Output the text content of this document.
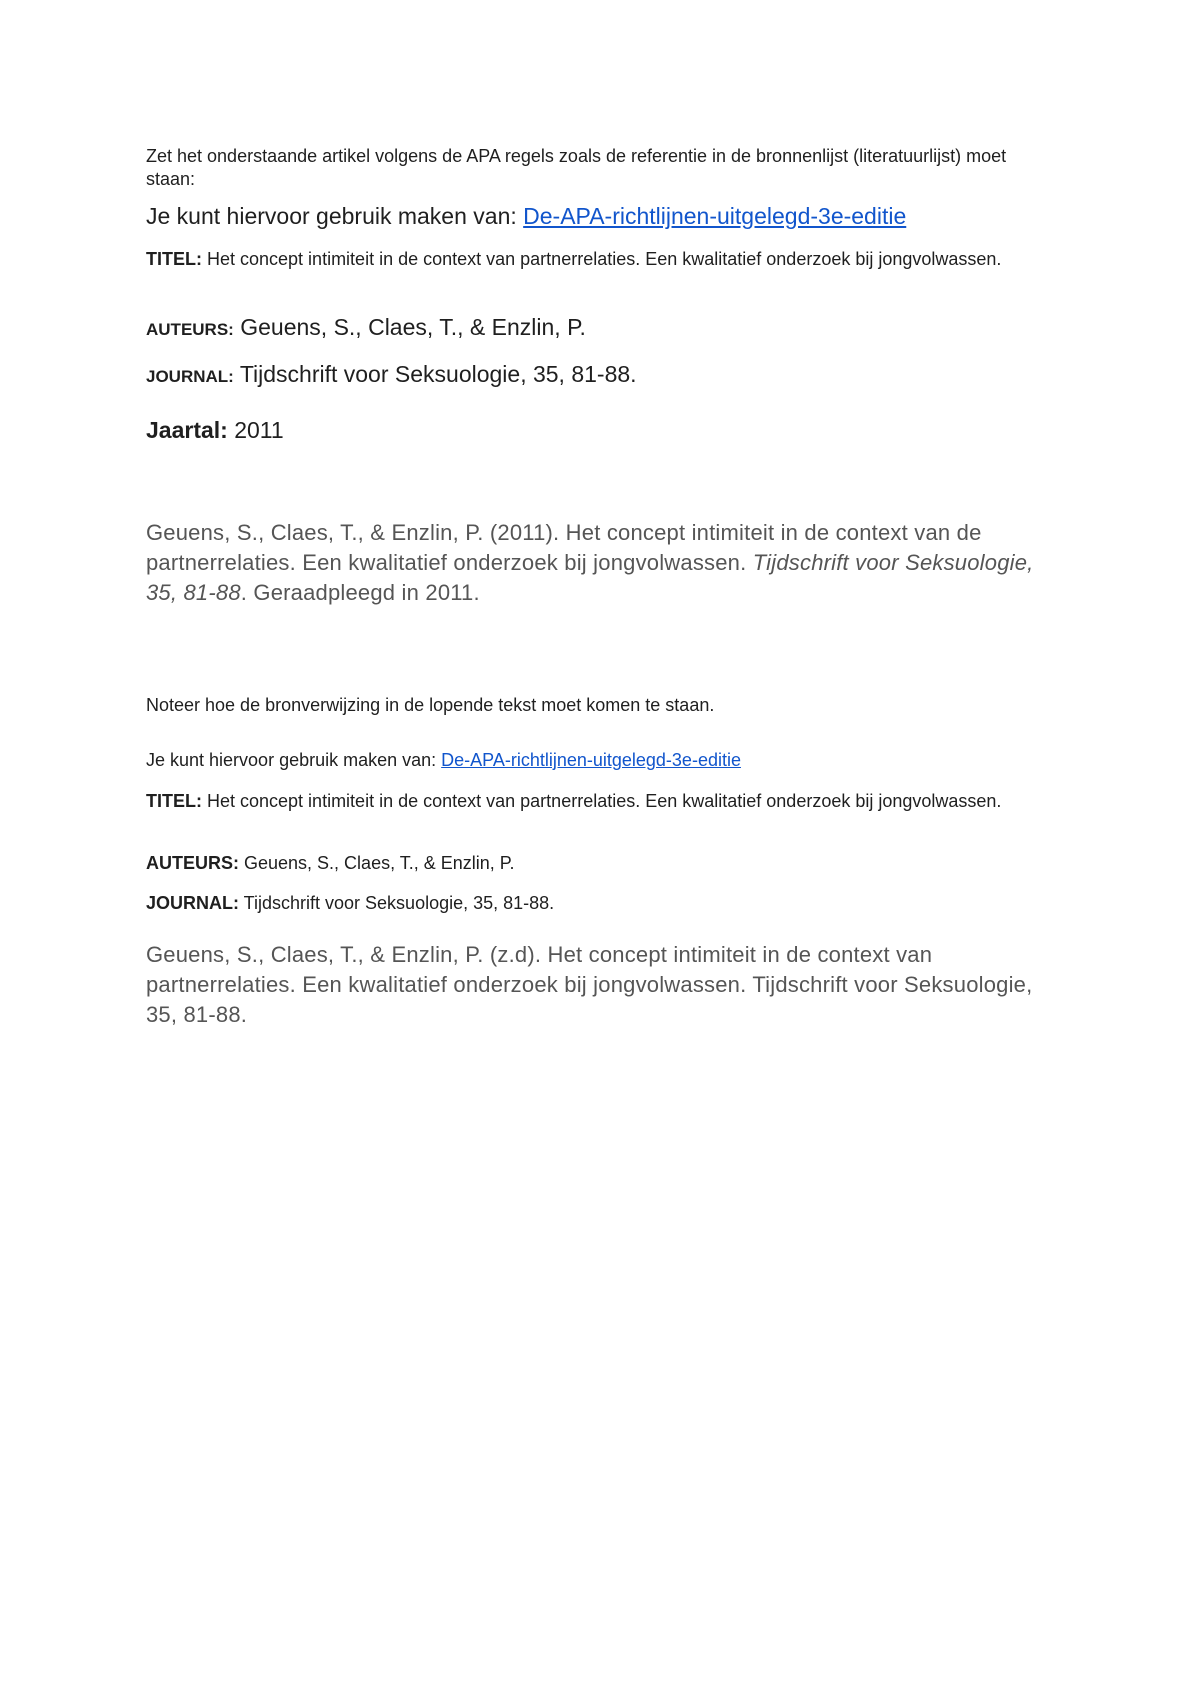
Zet het onderstaande artikel volgens de APA regels zoals de referentie in de bronnenlijst (literatuurlijst) moet staan:

Je kunt hiervoor gebruik maken van: De-APA-richtlijnen-uitgelegd-3e-editie

TITEL: Het concept intimiteit in de context van partnerrelaties. Een kwalitatief onderzoek bij jongvolwassen.

AUTEURS: Geuens, S., Claes, T., & Enzlin, P.

JOURNAL: Tijdschrift voor Seksuologie, 35, 81-88.

Jaartal: 2011

Geuens, S., Claes, T., & Enzlin, P. (2011). Het concept intimiteit in de context van de partnerrelaties. Een kwalitatief onderzoek bij jongvolwassen. Tijdschrift voor Seksuologie, 35, 81-88. Geraadpleegd in 2011.

Noteer hoe de bronverwijzing in de lopende tekst moet komen te staan.

Je kunt hiervoor gebruik maken van: De-APA-richtlijnen-uitgelegd-3e-editie

TITEL: Het concept intimiteit in de context van partnerrelaties. Een kwalitatief onderzoek bij jongvolwassen.

AUTEURS: Geuens, S., Claes, T., & Enzlin, P.

JOURNAL: Tijdschrift voor Seksuologie, 35, 81-88.

Geuens, S., Claes, T., & Enzlin, P. (z.d). Het concept intimiteit in de context van partnerrelaties. Een kwalitatief onderzoek bij jongvolwassen. Tijdschrift voor Seksuologie, 35, 81-88.
